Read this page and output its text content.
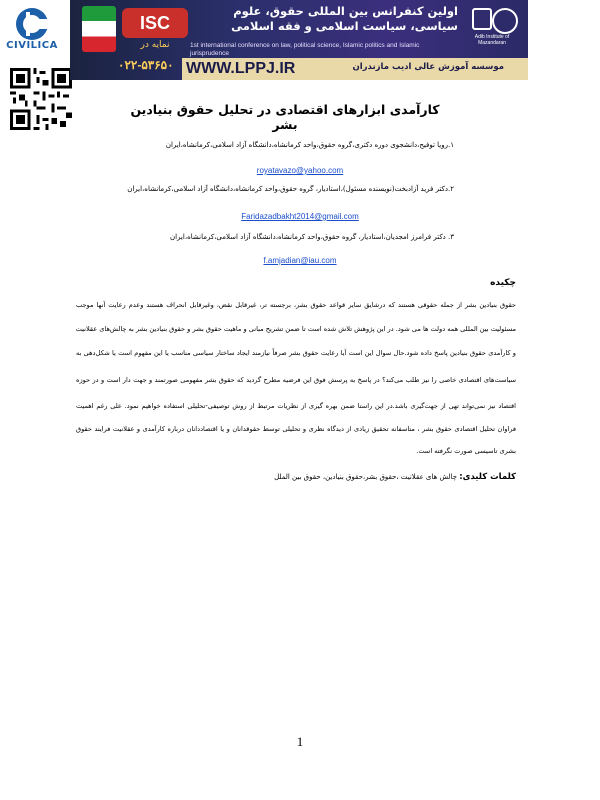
CIVILICA
ISC
نمایه در
۰۲۲-۵۳۶۵۰
اولین کنفرانس بین المللی حقوق، علوم سیاسی، سیاست اسلامی و فقه اسلامی
1st international conference on law, political science, Islamic politics and Islamic jurisprudence
WWW.LPPJ.IR	موسسه آموزش عالی ادیب مازندران
Adib Institute of Mazandaran
کارآمدی ابزارهای اقتصادی در تحلیل حقوق بنیادین بشر
۱.رویا توفیح،دانشجوی دوره دکتری،گروه حقوق،واحد کرمانشاه،دانشگاه آزاد اسلامی،کرمانشاه،ایران
royatavazo@yahoo.com
۲.دکتر فرید آزادبخت(نویسنده مسئول)،استادیار، گروه حقوق،واحد کرمانشاه،دانشگاه آزاد اسلامی،کرمانشاه،ایران
Faridazadbakht2014@gmail.com
۳. دکتر فرامرز امجدیان،استادیار، گروه حقوق،واحد کرمانشاه،دانشگاه آزاد اسلامی،کرمانشاه،ایران
f.amjadian@iau.com
چکیده
حقوق بنیادین بشر از جمله حقوقی هستند که درشایق سایر قواعد حقوق بشر، برجسته تر، غیرقابل نقض، وغیرقابل انحراف هستند وعدم رعایت آنها موجب
مسئولیت بین المللی همه دولت ها می شود. در این پژوهش تلاش شده است تا ضمن تشریح مبانی و ماهیت حقوق بشر و حقوق بنیادین بشر به چالش‌های عقلانیت
و کارآمدی حقوق بنیادین پاسخ داده شود.حال سوال این است آیا رعایت حقوق بشر صرفاً نیازمند ایجاد ساختار سیاسی مناسب یا این مفهوم است یا شکل‌دهی به
سیاست‌های اقتصادی خاصی را نیز طلب می‌کند؟ در پاسخ به پرسش فوق این فرضیه مطرح گردید که حقوق بشر مفهومی صورتمند و جهت دار است و در حوزه
اقتصاد نیز نمی‌تواند تهی از جهت‌گیری باشد.در این راستا ضمن بهره گیری از نظریات مرتبط از روش توصیفی-تحلیلی استفاده خواهیم نمود. علی رغم اهمیت
فراوان تحلیل اقتصادی حقوق بشر ، متاسفانه تحقیق زیادی از دیدگاه نظری و تحلیلی توسط حقوقدانان و یا اقتصاددانان درباره کارآمدی و عقلانیت فرایند حقوق
بشری تاسیسی صورت نگرفته است.
کلمات کلیدی: چالش های عقلانیت ،حقوق بشر،حقوق بنیادین، حقوق بین الملل
1
